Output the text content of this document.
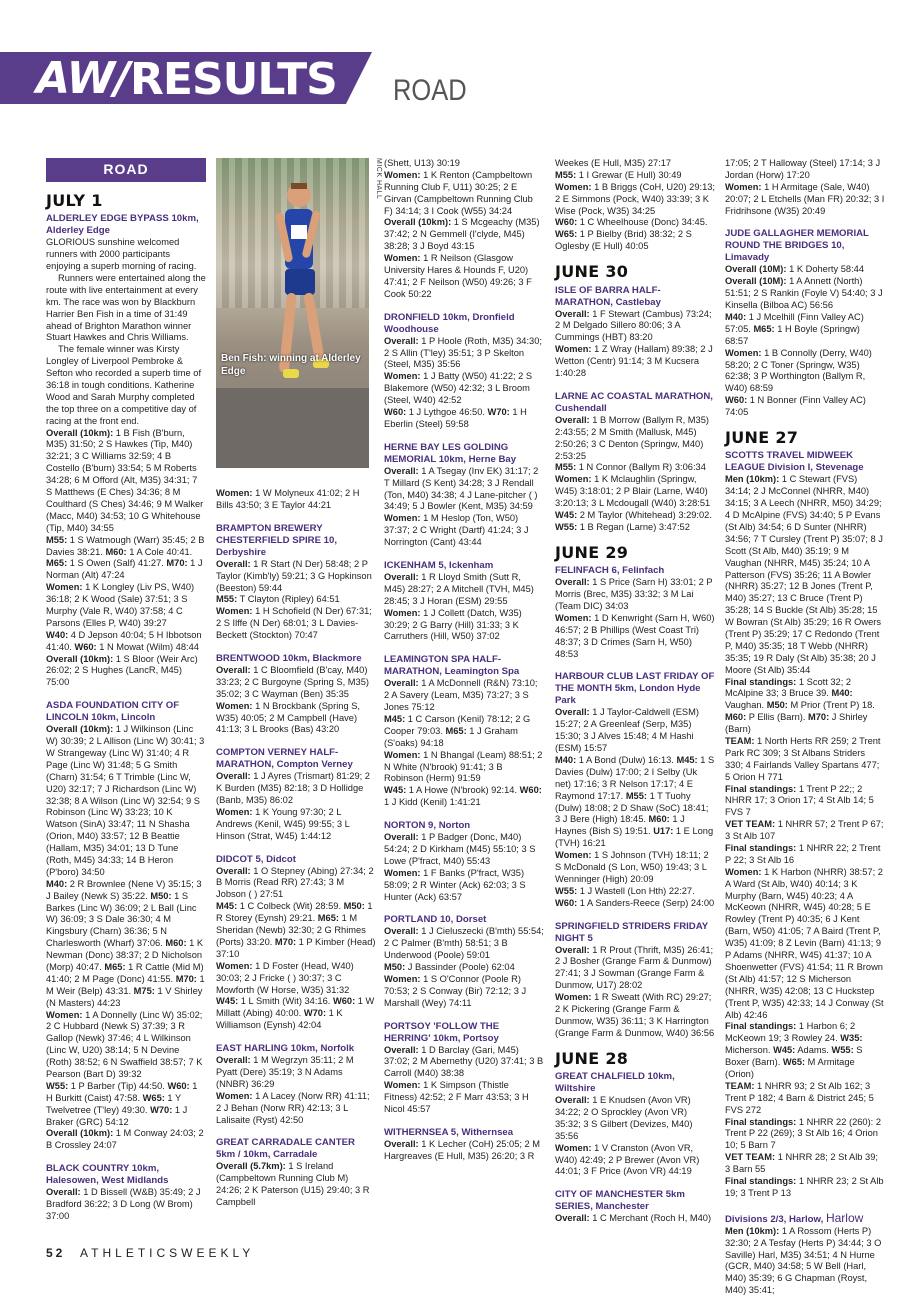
AW/ RESULTS ROAD
ROAD
JULY 1

ALDERLEY EDGE BYPASS 10km, Alderley Edge

GLORIOUS sunshine welcomed runners with 2000 participants enjoying a superb morning of racing.

Runners were entertained along the route with live entertainment at every km. The race was won by Blackburn Harrier Ben Fish in a time of 31:49 ahead of Brighton Marathon winner Stuart Hawkes and Chris Williams.

The female winner was Kirsty Longley of Liverpool Pembroke & Sefton who recorded a superb time of 36:18 in tough conditions. Katherine Wood and Sarah Murphy completed the top three on a competitive day of racing at the front end.

Overall (10km): 1 B Fish (B'burn, M35) 31:50; 2 S Hawkes (Tip, M40) 32:21; 3 C Williams 32:59; 4 B Costello (B'burn) 33:54; 5 M Roberts 34:28; 6 M Offord (Alt, M35) 34:31; 7 S Matthews (E Ches) 34:36; 8 M Coulthard (S Ches) 34:46; 9 M Walker (Macc, M40) 34:53; 10 G Whitehouse (Tip, M40) 34:55

M55: 1 S Watmough (Warr) 35:45; 2 B Davies 38:21. M60: 1 A Cole 40:41. M65: 1 S Owen (Salf) 41:27. M70: 1 J Norman (Alt) 47:24

Women: 1 K Longley (Liv PS, W40) 36:18; 2 K Wood (Sale) 37:51; 3 S Murphy (Vale R, W40) 37:58; 4 C Parsons (Elles P, W40) 39:27

W40: 4 D Jepson 40:04; 5 H Ibbotson 41:40. W60: 1 N Mowat (Wilm) 48:44

Overall (10km): 1 S Bloor (Weir Arc) 26:02; 2 S Hughes (LancR, M45) 75:00

ASDA FOUNDATION CITY OF LINCOLN 10km, Lincoln

Overall (10km): 1 J Wilkinson (Linc W) 30:39; 2 L Allison (Linc W) 30:41; 3 W Strangeway (Linc W) 31:40; 4 R Page (Linc W) 31:48; 5 G Smith (Charn) 31:54; 6 T Trimble (Linc W, U20) 32:17; 7 J Richardson (Linc W) 32:38; 8 A Wilson (Linc W) 32:54; 9 S Robinson (Linc W) 33:23; 10 K Watson (SinA) 33:47; 11 N Shasha (Orion, M40) 33:57; 12 B Beattie (Hallam, M35) 34:01; 13 D Tune (Roth, M45) 34:33; 14 B Heron (P'boro) 34:50

M40: 2 R Brownlee (Nene V) 35:15; 3 J Bailey (Newk S) 35:22. M50: 1 S Barkes (Linc W) 36:09; 2 L Ball (Linc W) 36:09; 3 S Dale 36:30; 4 M Kingsbury (Charn) 36:36; 5 N Charlesworth (Wharf) 37:06. M60: 1 K Newman (Donc) 38:37; 2 D Nicholson (Morp) 40:47. M65: 1 R Cattle (Mid M) 41:40; 2 M Page (Donc) 41:55. M70: 1 M Weir (Belp) 43:31. M75: 1 V Shirley (N Masters) 44:23

Women: 1 A Donnelly (Linc W) 35:02; 2 C Hubbard (Newk S) 37:39; 3 R Gallop (Newk) 37:46; 4 L Wilkinson (Linc W, U20) 38:14; 5 N Devine (Roth) 38:52; 6 N Swaffield 38:57; 7 K Pearson (Bart D) 39:32

W55: 1 P Barber (Tip) 44:50. W60: 1 H Burkitt (Caist) 47:58. W65: 1 Y Twelvetree (T'ley) 49:30. W70: 1 J Braker (GRC) 54:12

Overall (10km): 1 M Conway 24:03; 2 B Crossley 24:07

BLACK COUNTRY 10km, Halesowen, West Midlands

Overall: 1 D Bissell (W&B) 35:49; 2 J Bradford 36:22; 3 D Long (W Brom) 37:00

Ben Fish: winning at Alderley Edge
MICK HALL

Women: 1 W Molyneux 41:02; 2 H Bills 43:50; 3 E Taylor 44:21

BRAMPTON BREWERY CHESTERFIELD SPIRE 10, Derbyshire

Overall: 1 R Start (N Der) 58:48; 2 P Taylor (Kimb'ly) 59:21; 3 G Hopkinson (Beeston) 59:44

M55: T Clayton (Ripley) 64:51

Women: 1 H Schofield (N Der) 67:31; 2 S Ilffe (N Der) 68:01; 3 L Davies-Beckett (Stockton) 70:47

BRENTWOOD 10km, Blackmore

Overall: 1 C Bloomfield (B'cay, M40) 33:23; 2 C Burgoyne (Spring S, M35) 35:02; 3 C Wayman (Ben) 35:35

Women: 1 N Brockbank (Spring S, W35) 40:05; 2 M Campbell (Have) 41:13; 3 L Brooks (Bas) 43:20

COMPTON VERNEY HALF-MARATHON, Compton Verney

Overall: 1 J Ayres (Trismart) 81:29; 2 K Burden (M35) 82:18; 3 D Hollidge (Banb, M35) 86:02

Women: 1 K Young 97:30; 2 L Andrews (Kenil, W45) 99:55; 3 L Hinson (Strat, W45) 1:44:12

DIDCOT 5, Didcot

Overall: 1 O Stepney (Abing) 27:34; 2 B Morris (Read RR) 27:43; 3 M Jobson ( ) 27:51

M45: 1 C Colbeck (Wit) 28:59. M50: 1 R Storey (Eynsh) 29:21. M65: 1 M Sheridan (Newb) 32:30; 2 G Rhimes (Ports) 33:20. M70: 1 P Kimber (Head) 37:10

Women: 1 D Foster (Head, W40) 30:03; 2 J Fricke ( ) 30:37; 3 C Mowforth (W Horse, W35) 31:32

W45: 1 L Smith (Wit) 34:16. W60: 1 W Millatt (Abing) 40:00. W70: 1 K Williamson (Eynsh) 42:04

EAST HARLING 10km, Norfolk

Overall: 1 M Wegrzyn 35:11; 2 M Pyatt (Dere) 35:19; 3 N Adams (NNBR) 36:29

Women: 1 A Lacey (Norw RR) 41:11; 2 J Behan (Norw RR) 42:13; 3 L Lalisaite (Ryst) 42:50

GREAT CARRADALE CANTER 5km / 10km, Carradale

Overall (5.7km): 1 S Ireland (Campbeltown Running Club M) 24:26; 2 K Paterson (U15) 29:40; 3 R Campbell

(Shett, U13) 30:19

Women: 1 K Renton (Campbeltown Running Club F, U11) 30:25; 2 E Girvan (Campbeltown Running Club F) 34:14; 3 I Cook (W55) 34:24

Overall (10km): 1 S Mcgeachy (M35) 37:42; 2 N Gemmell (I'clyde, M45) 38:28; 3 J Boyd 43:15

Women: 1 R Neilson (Glasgow University Hares & Hounds F, U20) 47:41; 2 F Neilson (W50) 49:26; 3 F Cook 50:22

DRONFIELD 10km, Dronfield Woodhouse

Overall: 1 P Hoole (Roth, M35) 34:30; 2 S Allin (T'ley) 35:51; 3 P Skelton (Steel, M35) 35:56

Women: 1 J Batty (W50) 41:22; 2 S Blakemore (W50) 42:32; 3 L Broom (Steel, W40) 42:52

W60: 1 J Lythgoe 46:50. W70: 1 H Eberlin (Steel) 59:58

HERNE BAY LES GOLDING MEMORIAL 10km, Herne Bay

Overall: 1 A Tsegay (Inv EK) 31:17; 2 T Millard (S Kent) 34:28; 3 J Rendall (Ton, M40) 34:38; 4 J Lane-pitcher ( ) 34:49; 5 J Bowler (Kent, M35) 34:59

Women: 1 M Heslop (Ton, W50) 37:37; 2 C Wright (Dartf) 41:24; 3 J Norrington (Cant) 43:44

ICKENHAM 5, Ickenham

Overall: 1 R Lloyd Smith (Sutt R, M45) 28:27; 2 A Mitchell (TVH, M45) 28:45; 3 J Horan (ESM) 29:55

Women: 1 J Collett (Datch, W35) 30:29; 2 G Barry (Hill) 31:33; 3 K Carruthers (Hill, W50) 37:02

LEAMINGTON SPA HALF-MARATHON, Leamington Spa

Overall: 1 A McDonnell (R&N) 73:10; 2 A Savery (Leam, M35) 73:27; 3 S Jones 75:12

M45: 1 C Carson (Kenil) 78:12; 2 G Cooper 79:03. M65: 1 J Graham (S'oaks) 94:18

Women: 1 N Bhangal (Leam) 88:51; 2 N White (N'brook) 91:41; 3 B Robinson (Herm) 91:59

W45: 1 A Howe (N'brook) 92:14. W60: 1 J Kidd (Kenil) 1:41:21

NORTON 9, Norton

Overall: 1 P Badger (Donc, M40) 54:24; 2 D Kirkham (M45) 55:10; 3 S Lowe (P'fract, M40) 55:43

Women: 1 F Banks (P'fract, W35) 58:09; 2 R Winter (Ack) 62:03; 3 S Hunter (Ack) 63:57

PORTLAND 10, Dorset

Overall: 1 J Cieluszecki (B'mth) 55:54; 2 C Palmer (B'mth) 58:51; 3 B Underwood (Poole) 59:01

M50: J Bassinder (Poole) 62:04

Women: 1 S O'Connor (Poole R) 70:53; 2 S Conway (Bir) 72:12; 3 J Marshall (Wey) 74:11

PORTSOY 'FOLLOW THE HERRING' 10km, Portsoy

Overall: 1 D Barclay (Gari, M45) 37:02; 2 M Abernethy (U20) 37:41; 3 B Carroll (M40) 38:38

Women: 1 K Simpson (Thistle Fitness) 42:52; 2 F Marr 43:53; 3 H Nicol 45:57

WITHERNSEA 5, Withernsea

Overall: 1 K Lecher (CoH) 25:05; 2 M Hargreaves (E Hull, M35) 26:20; 3 R

Weekes (E Hull, M35) 27:17

M55: 1 I Grewar (E Hull) 30:49

Women: 1 B Briggs (CoH, U20) 29:13; 2 E Simmons (Pock, W40) 33:39; 3 K Wise (Pock, W35) 34:25

W60: 1 C Wheelhouse (Donc) 34:45. W65: 1 P Bielby (Brid) 38:32; 2 S Oglesby (E Hull) 40:05

JUNE 30

ISLE OF BARRA HALF-MARATHON, Castlebay

Overall: 1 F Stewart (Cambus) 73:24; 2 M Delgado Sillero 80:06; 3 A Cummings (HBT) 83:20

Women: 1 Z Wray (Hallam) 89:38; 2 J Wetton (Centr) 91:14; 3 M Kucsera 1:40:28

LARNE AC COASTAL MARATHON, Cushendall

Overall: 1 B Morrow (Ballym R, M35) 2:43:55; 2 M Smith (Mallusk, M45) 2:50:26; 3 C Denton (Springw, M40) 2:53:25

M55: 1 N Connor (Ballym R) 3:06:34

Women: 1 K Mclaughlin (Springw, W45) 3:18:01; 2 P Blair (Larne, W40) 3:20:13; 3 L Mcdougall (W40) 3:28:51

W45: 2 M Taylor (Whitehead) 3:29:02. W55: 1 B Regan (Larne) 3:47:52

JUNE 29

FELINFACH 6, Felinfach

Overall: 1 S Price (Sarn H) 33:01; 2 P Morris (Brec, M35) 33:32; 3 M Lai (Team DIC) 34:03

Women: 1 D Kenwright (Sarn H, W60) 46:57; 2 B Phillips (West Coast Tri) 48:37; 3 D Crimes (Sarn H, W50) 48:53

HARBOUR CLUB LAST FRIDAY OF THE MONTH 5km, London Hyde Park

Overall: 1 J Taylor-Caldwell (ESM) 15:27; 2 A Greenleaf (Serp, M35) 15:30; 3 J Alves 15:48; 4 M Hashi (ESM) 15:57

M40: 1 A Bond (Dulw) 16:13. M45: 1 S Davies (Dulw) 17:00; 2 I Selby (Uk net) 17:16; 3 R Nelson 17:17; 4 E Raymond 17:17. M55: 1 T Tuohy (Dulw) 18:08; 2 D Shaw (SoC) 18:41; 3 J Bere (High) 18:45. M60: 1 J Haynes (Bish S) 19:51. U17: 1 E Long (TVH) 16:21

Women: 1 S Johnson (TVH) 18:11; 2 S McDonald (S Lon, W50) 19:43; 3 L Wenninger (High) 20:09

W55: 1 J Wastell (Lon Hth) 22:27. W60: 1 A Sanders-Reece (Serp) 24:00

SPRINGFIELD STRIDERS FRIDAY NIGHT 5

Overall: 1 R Prout (Thrift, M35) 26:41; 2 J Bosher (Grange Farm & Dunmow) 27:41; 3 J Sowman (Grange Farm & Dunmow, U17) 28:02

Women: 1 R Sweatt (With RC) 29:27; 2 K Pickering (Grange Farm & Dunmow, W35) 36:11; 3 K Harrington (Grange Farm & Dunmow, W40) 36:56

JUNE 28

GREAT CHALFIELD 10km, Wiltshire

Overall: 1 E Knudsen (Avon VR) 34:22; 2 O Sprockley (Avon VR) 35:32; 3 S Gilbert (Devizes, M40) 35:56

Women: 1 V Cranston (Avon VR, W40) 42:49; 2 P Brewer (Avon VR) 44:01; 3 F Price (Avon VR) 44:19

CITY OF MANCHESTER 5km SERIES, Manchester

Overall: 1 C Merchant (Roch H, M40)

17:05; 2 T Halloway (Steel) 17:14; 3 J Jordan (Horw) 17:20

Women: 1 H Armitage (Sale, W40) 20:07; 2 L Etchells (Man FR) 20:32; 3 I Fridrihsone (W35) 20:49

JUDE GALLAGHER MEMORIAL ROUND THE BRIDGES 10, Limavady

Overall (10M): 1 K Doherty 58:44

Overall (10M): 1 A Annett (North) 51:51; 2 S Rankin (Foyle V) 54:40; 3 J Kinsella (Bilboa AC) 56:56

M40: 1 J Mcelhill (Finn Valley AC) 57:05. M65: 1 H Boyle (Springw) 68:57

Women: 1 B Connolly (Derry, W40) 58:20; 2 C Toner (Springw, W35) 62:38; 3 P Worthington (Ballym R, W40) 68:59

W60: 1 N Bonner (Finn Valley AC) 74:05

JUNE 27

SCOTTS TRAVEL MIDWEEK LEAGUE Division I, Stevenage

Men (10km): 1 C Stewart (FVS) 34:14; 2 J McConnel (NHRR, M40) 34:15; 3 A Leech (NHRR, M50) 34:29; 4 D McAlpine (FVS) 34:40; 5 P Evans (St Alb) 34:54; 6 D Sunter (NHRR) 34:56; 7 T Cursley (Trent P) 35:07; 8 J Scott (St Alb, M40) 35:19; 9 M Vaughan (NHRR, M45) 35:24; 10 A Patterson (FVS) 35:26; 11 A Bowler (NHRR) 35:27; 12 B Jones (Trent P, M40) 35:27; 13 C Bruce (Trent P) 35:28; 14 S Buckle (St Alb) 35:28; 15 W Bowran (St Alb) 35:29; 16 R Owers (Trent P) 35:29; 17 C Redondo (Trent P, M40) 35:35; 18 T Webb (NHRR) 35:35; 19 R Daly (St Alb) 35:38; 20 J Moore (St Alb) 35:44

Final standings: 1 Scott 32; 2 McAlpine 33; 3 Bruce 39. M40: Vaughan. M50: M Prior (Trent P) 18. M60: P Ellis (Barn). M70: J Shirley (Barn)

TEAM: 1 North Herts RR 259; 2 Trent Park RC 309; 3 St Albans Striders 330; 4 Fairlands Valley Spartans 477; 5 Orion H 771

Final standings: 1 Trent P 22;; 2 NHRR 17; 3 Orion 17; 4 St Alb 14; 5 FVS 7

VET TEAM: 1 NHRR 57; 2 Trent P 67; 3 St Alb 107

Final standings: 1 NHRR 22; 2 Trent P 22; 3 St Alb 16

Women: 1 K Harbon (NHRR) 38:57; 2 A Ward (St Alb, W40) 40:14; 3 K Murphy (Barn, W45) 40:23; 4 A McKeown (NHRR, W45) 40:28; 5 E Rowley (Trent P) 40:35; 6 J Kent (Barn, W50) 41:05; 7 A Baird (Trent P, W35) 41:09; 8 Z Levin (Barn) 41:13; 9 P Adams (NHRR, W45) 41:37; 10 A Shoenwetter (FVS) 41:54; 11 R Brown (St Alb) 41:57; 12 S Micherson (NHRR, W35) 42:08; 13 C Huckstep (Trent P, W35) 42:33; 14 J Conway (St Alb) 42:46

Final standings: 1 Harbon 6; 2 McKeown 19; 3 Rowley 24. W35: Micherson. W45: Adams. W55: S Boxer (Barn). W65: M Armitage (Orion)

TEAM: 1 NHRR 93; 2 St Alb 162; 3 Trent P 182; 4 Barn & District 245; 5 FVS 272

Final standings: 1 NHRR 22 (260): 2 Trent P 22 (269); 3 St Alb 16; 4 Orion 10; 5 Barn 7

VET TEAM: 1 NHRR 28; 2 St Alb 39; 3 Barn 55

Final standings: 1 NHRR 23; 2 St Alb 19; 3 Trent P 13

Divisions 2/3, Harlow, Harlow

Men (10km): 1 A Rossom (Herts P) 32:30; 2 A Tesfay (Herts P) 34:44; 3 O Saville) Harl, M35) 34:51; 4 N Hurne (GCR, M40) 34:58; 5 W Bell (Harl, M40) 35:39; 6 G Chapman (Royst, M40) 35:41;

52 ATHLETICSWEEKLY
